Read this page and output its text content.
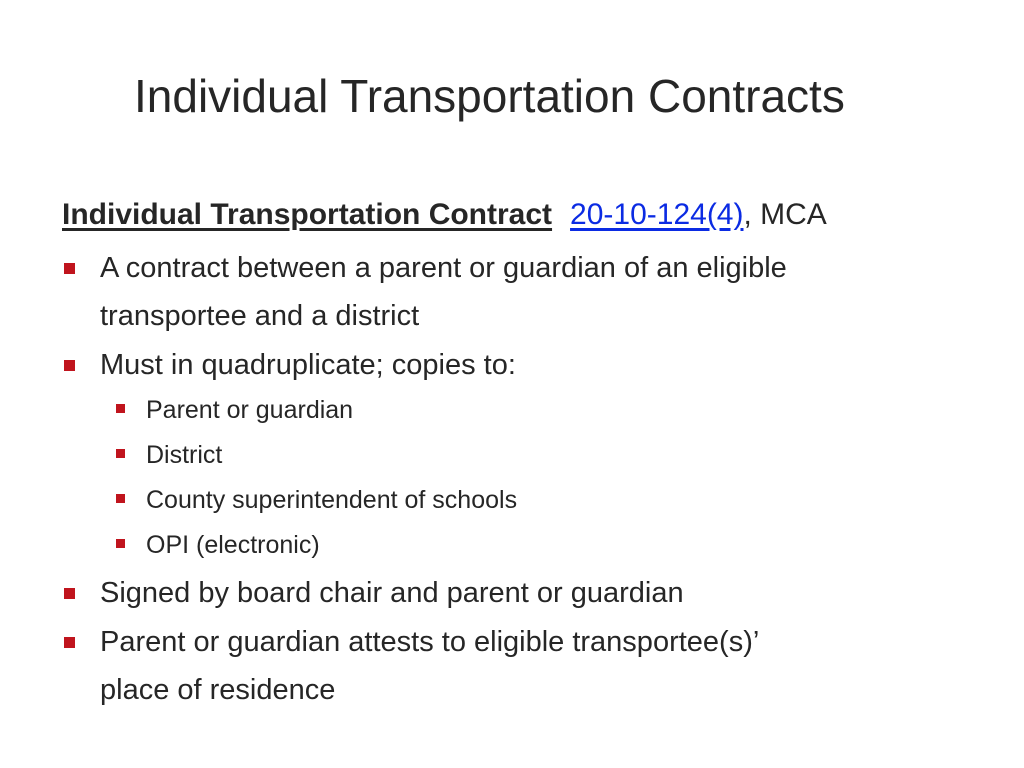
Individual Transportation Contracts
Individual Transportation Contract 20-10-124(4), MCA
A contract between a parent or guardian of an eligible
transportee and a district
Must in quadruplicate; copies to:
Parent or guardian
District
County superintendent of schools
OPI (electronic)
Signed by board chair and parent or guardian
Parent or guardian attests to eligible transportee(s)’
place of residence
